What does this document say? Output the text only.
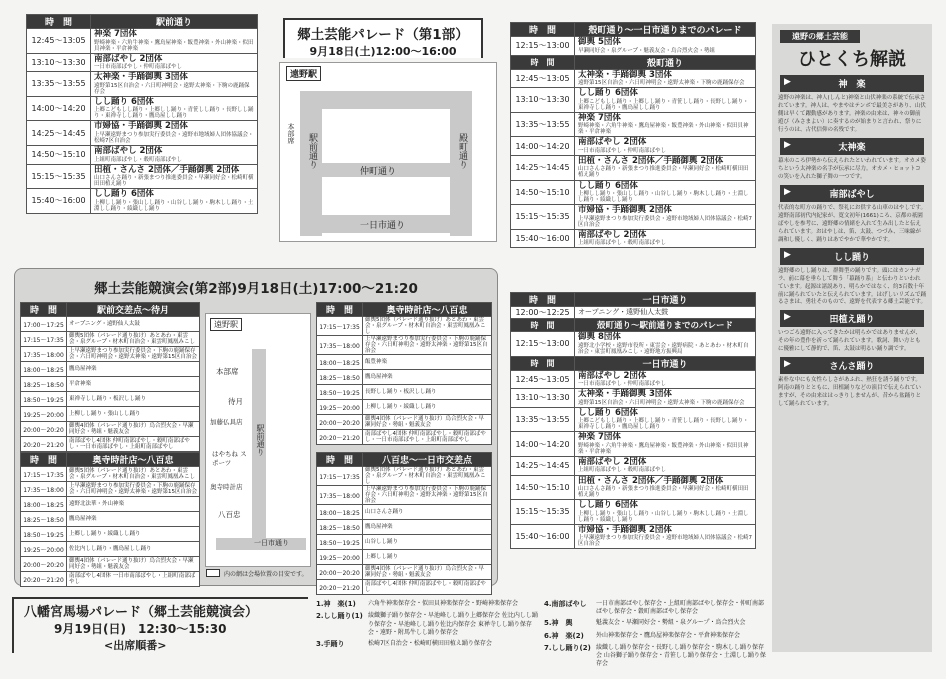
時　間	駅前通り
12:45～13:05	神楽 7団体
野崎神楽・六角牛神楽・鷹鳥屋神楽・飯豊神楽・外山神楽・似田貝神楽・平倉神楽

13:10～13:30	南部ばやし 2団体
一日市南部ばやし・仲町南部ばやし

13:35～13:55	太神楽・手踊御輿 3団体
遠野第15区自治会・六日町神明会・遠野太神楽・下駒の鹿踊保存会

14:00～14:20	しし踊り 6団体
上郷こどもしし踊り・上郷しし踊り・青笹しし踊り・長野しし踊り・東禅寺しし踊り・鷹鳥屋しし踊り

14:25～14:45	市婦協・手踊御輿 2団体
上早瀬遠野まつり参加実行委員会・遠野市地域婦人団体協議会・松崎7区自治会

14:50～15:10	南部ばやし 2団体
上組町南部ばやし・穀町南部ばやし

15:15～15:35	田植・さんさ 2団体／手踊御輿 2団体
山口さんさ踊り・新張まつり推進委員会・早瀬同好会・松崎町横田田植え踊り

15:40～16:00	しし踊り 6団体
上柳しし踊り・張山しし踊り・山谷しし踊り・駒木しし踊り・土淵しし踊り・綾織しし踊り
郷土芸能パレード（第1部）
9月18日(土)12:00～16:00
遠野駅
本部席 駅前通り
仲町通り
殿町通り
一日市通り
時　間	殻町通り～一日市通りまでのパレード
12:15～13:00	御輿 5団体
早瀬同好会・泉グループ・魁義友会・烏合烈火会・勢組

時　間	殻町通り
12:45～13:05	太神楽・手踊御輿 3団体
遠野第15区自治会・六日町神明会・遠野太神楽・下駒の鹿踊保存会

13:10～13:30	しし踊り 6団体
上郷こどもしし踊り・上郷しし踊り・青笹しし踊り・長野しし踊り・東禅寺しし踊り・鷹鳥屋しし踊り

13:35～13:55	神楽 7団体
野崎神楽・六角牛神楽・鷹鳥屋神楽・飯豊神楽・外山神楽・似田貝神楽・平倉神楽

14:00～14:20	南部ばやし 2団体
一日市南部ばやし・仲町南部ばやし

14:25～14:45	田植・さんさ 2団体／手踊御輿 2団体
山口さんさ踊り・新張まつり推進委員会・早瀬同好会・松崎町横田田植え踊り

14:50～15:10	しし踊り 6団体
上柳しし踊り・張山しし踊り・山谷しし踊り・駒木しし踊り・土淵しし踊り・綾織しし踊り

15:15～15:35	市婦協・手踊御輿 2団体
上早瀬遠野まつり参加実行委員会・遠野市地域婦人団体協議会・松崎7区自治会

15:40～16:00	南部ばやし 2団体
上組町南部ばやし・穀町南部ばやし
時　間	一日市通り
12:00～12:25	オープニング・遠野仙人太鼓
時　間	殻町通り～駅前通りまでのパレード
12:15～13:00	御輿 8団体
遠野北小学校・遠野市役所・東雲会・遠野病院・あとあわ・材木町自治会・東雲町鳳凰みこし・遠野地方振興局

時　間	一日市通り
12:45～13:05	南部ばやし 2団体
一日市南部ばやし・仲町南部ばやし

13:10～13:30	太神楽・手踊御輿 3団体
遠野第15区自治会・六日町神明会・遠野太神楽・下駒の鹿踊保存会

13:35～13:55	しし踊り 6団体
上郷こどもしし踊り・上郷しし踊り・青笹しし踊り・長野しし踊り・東禅寺しし踊り・鷹鳥屋しし踊り

14:00～14:20	神楽 7団体
野崎神楽・六角牛神楽・鷹鳥屋神楽・飯豊神楽・外山神楽・似田貝神楽・平倉神楽

14:25～14:45	南部ばやし 2団体
上組町南部ばやし・穀町南部ばやし

14:50～15:10	田植・さんさ 2団体／手踊御輿 2団体
山口さんさ踊り・新張まつり推進委員会・早瀬同好会・松崎町横田田植え踊り

15:15～15:35	しし踊り 6団体
上柳しし踊り・張山しし踊り・山谷しし踊り・駒木しし踊り・土淵しし踊り・綾織しし踊り

15:40～16:00	市婦協・手踊御輿 2団体
上早瀬遠野まつり参加実行委員会・遠野市地域婦人団体協議会・松崎7区自治会
郷土芸能競演会(第2部)9月18日(土)17:00～21:20
時　間	駅前交差点～待月
17:00～17:25	オープニング・遠野仙人太鼓
17:15～17:35	御輿5団体（パレード通り抜け）あとあわ・東雲会・泉グループ・材木町自治会・東雲町鳳凰みこし
17:35～18:00	上早瀬遠野まつり参加実行委員会・下駒の鹿踊保存会・六日町神明会・遠野太神楽・遠野第15区自治会
18:00～18:25	鷹鳥屋神楽
18:25～18:50	平倉神楽
18:50～19:25	東禅寺しし踊り・板沢しし踊り
19:25～20:00	上柳しし踊り・張山しし踊り
20:00～20:20	御輿4団体（パレード通り抜け）烏合烈火会・早瀬同好会・勢組・魁義友会
20:20～21:20	南部ばやし4団体 仲町南部ばやし・穀町南部ばやし・一日市南部ばやし・上組町南部ばやし
時　間	奥寺時計店～八百忠
17:15～17:35	御輿5団体（パレード通り抜け）あとあわ・東雲会・泉グループ・材木町自治会・東雲町鳳凰みこし
17:35～18:00	上早瀬遠野まつり参加実行委員会・下駒の鹿踊保存会・六日町神明会・遠野太神楽・遠野第15区自治会
18:00～18:25	遠野北法華・外山神楽
18:25～18:50	鷹鳥屋神楽
18:50～19:25	上郷しし踊り・綾織しし踊り
19:25～20:00	佐比内しし踊り・鷹鳥屋しし踊り
20:00～20:20	御輿4団体（パレード通り抜け）烏合烈火会・早瀬同好会・勢組・魁義友会
20:20～21:20	南部ばやし4団体 一日市南部ばやし・上組町南部ばやし
時　間	奥寺時計店～八百忠
17:15～17:35	御輿5団体（パレード通り抜け）あとあわ・東雲会・泉グループ・材木町自治会・東雲町鳳凰みこし
17:35～18:00	上早瀬遠野まつり参加実行委員会・下駒の鹿踊保存会・六日町神明会・遠野太神楽・遠野第15区自治会
18:00～18:25	飯豊神楽
18:25～18:50	鷹鳥屋神楽
18:50～19:25	長野しし踊り・板沢しし踊り
19:25～20:00	上柳しし踊り・綾織しし踊り
20:00～20:20	御輿4団体（パレード通り抜け）烏合烈火会・早瀬同好会・勢組・魁義友会
20:20～21:20	南部ばやし4団体 仲町南部ばやし・穀町南部ばやし・一日市南部ばやし・上組町南部ばやし
時　間	八百忠～一日市交差点
17:15～17:35	御輿5団体（パレード通り抜け）あとあわ・東雲会・泉グループ・材木町自治会・東雲町鳳凰みこし
17:35～18:00	上早瀬遠野まつり参加実行委員会・下駒の鹿踊保存会・六日町神明会・遠野太神楽・遠野第15区自治会
18:00～18:25	山口さんさ踊り
18:25～18:50	鷹鳥屋神楽
18:50～19:25	山谷しし踊り
19:25～20:00	上郷しし踊り
20:00～20:20	御輿4団体（パレード通り抜け）烏合烈火会・早瀬同好会・勢組・魁義友会
20:20～21:20	南部ばやし4団体 仲町南部ばやし・穀町南部ばやし
遠野駅
本部席
待月
加藤仏具店
はやちね スポーツ
奥寺時計店
八百忠
駅前通り
一日市通り
内の網は会場位置の目安です。
八幡宮馬場パレード（郷土芸能競演会）
9月19日(日)　12:30～15:30
<出席順番>
1.神　楽(1)	六角牛神楽保存会・似田貝神楽保存会・野崎神楽保存会
2.しし踊り(1) 綾織獅子踊り保存会・早池峰しし踊り上郷保存会 佐比内しし踊り保存会・早池峰しし踊り佐比内保存会 東禅寺しし踊り保存会・遠野・附馬牛しし踊り保存会
3.手踊り	松崎7区自治会・松崎町横田田植え踊り保存会
4.南部ばやし	一日市南部ばやし保存会・上組町南部ばやし保存会・仲町南部ばやし保存会・穀町南部ばやし保存会
5.神　輿	魁義友会・早瀬同好会・勢組・泉グループ・烏合烈火会
6.神　楽(2)	外山神楽保存会・鷹鳥屋神楽保存会・平倉神楽保存会
7.しし踊り(2) 綾織しし踊り保存会・長野しし踊り保存会・駒木しし踊り保存会 山谷獅子踊り保存会・青笹しし踊り保存会・土淵しし踊り保存会
遠野の郷土芸能
ひとくち解説
▶	神　楽
遠野の神楽は、神人(しんと)神楽と山伏神楽の系統で伝承されています。神人は、やまやはテンボで最美さがあり、山伏側は早くて躍動感があります。神楽の由来は、神々の御前遊び（みさまよい）に奏するのが始まりと言われ、祭りに行うのは、古代信仰の名残です。
▶	太神楽
幕末のころ伊勢から伝えられたといわれています。オカメ姿ちという太神楽の名手が伝承に尽力。オカメ・ヒョットコの笑いを入れた獅子舞の一つです。
▶	南部ばやし
代表的な町方の踊りで、祭礼にお供する山車のはやしです。遠野南部初代内紀家が、寛文初年(1661)ころ、京都の祇園ばやしを参考に、遠野郷の情緒を入れて生み出したと伝えられています。おはやしは、笛、太鼓、つづみ、三味線が調和し優しく、踊りはあでやかで華やかです。
▶	しし踊り
遠野郷のしし踊りは、群舞型の踊りです。頭にはカンナガラ、前に幕を垂らして舞う「幕踊り系」と伝わりといわれています。起源は諸説あり、明らかではなく、約3百数十年前に踊られていたと伝えられています。はげしいリズムで踊るさまは、勇壮そのもので、遠野を代表する郷土芸能です。
▶	田植え踊り
いつごろ遠野に入ってきたかは明らかではありませんが、その年の豊作を祈って踊られています。歌詞、舞い方ともに優雅にして静的で、笛、太鼓は明るい踊り調です。
▶	さんさ踊り
素朴な中にも女性らしさがあふれ、熱狂を誘う踊りです。阿南の踊りとともに、田植踊りなどの演目で伝えられていますが、その由来ははっきりしませんが、昔から盆踊りとして踊られています。
